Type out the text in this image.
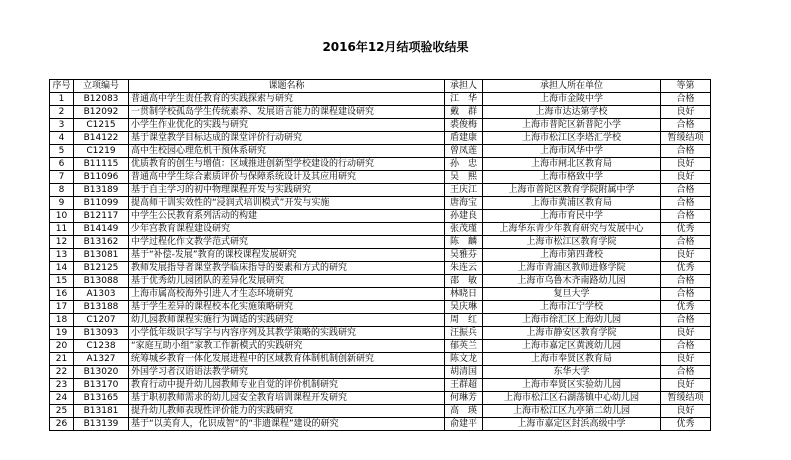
2016年12月结项验收结果
序号	立项编号	课题名称	承担人	承担人所在单位	等第
1	B12083	普通高中学生责任教育的实践探索与研究	江　华	上海市金陵中学	合格
2	B12092	一贯制学校孤岛学生传统素养、发展语言能力的课程建设研究	戴　群	上海市达达第学校	良好
3	C1215	小学生作业优化的实践与研究	裘俊梅	上海市普陀区新普陀小学	合格
4	B14122	基于课堂教学目标达成的课堂评价行动研究	盾建康	上海市松江区李塔汇学校	暂缓结项
5	C1219	高中生校园心理危机干预体系研究	曾凤莲	上海市风华中学	合格
6	B11115	优质教育的创生与增值：区域推进创新型学校建设的行动研究	孙　忠	上海市闸北区教育局	良好
7	B11096	普通高中学生综合素质评价与保障系统设计及其应用研究	吴　熙	上海市格致中学	良好
8	B13189	基于自主学习的初中物理课程开发与实践研究	王庆江	上海市普陀区教育学院附属中学	合格
9	B11099	提高师干训实效性的“浸润式培训模式”开发与实施	唐海宝	上海市黄浦区教育局	合格
10	B12117	中学生公民教育系列活动的构建	孙建良	上海市育民中学	合格
11	B14149	少年宫教育课程建设研究	张茂瑾	上海华东青少年教育研究与发展中心	优秀
12	B13162	中学过程化作文教学范式研究	陈　麟	上海市松江区教育学院	合格
13	B13081	基于“补偿-发展”教育的课校课程发展研究	吴雅芬	上海市第四聋校	良好
14	B12125	教师发展指导者课堂教学临床指导的要素和方式的研究	朱连云	上海市青浦区教师进修学院	优秀
15	B13088	基于优秀幼儿园团队的差异化发展研究	邵　敏	上海市乌鲁木齐南路幼儿园	合格
16	A1303	上海市属高校海外引进人才生态环境研究	林晓日	复旦大学	合格
17	B13188	基于学生差异的课程校本化实施策略研究	吴庆琳	上海市江宁学校	优秀
18	C1207	幼儿园教师课程实施行为调适的实践研究	周　红	上海市徐汇区上海幼儿园	合格
19	B13093	小学低年级识字写字与内容序列及其教学策略的实践研究	汪振兵	上海市静安区教育学院	良好
20	C1238	“家庭互助小组”家教工作新模式的实践研究	郁英兰	上海市嘉定区黄渡幼儿园	合格
21	A1327	统筹城乡教育一体化发展进程中的区域教育体制机制创新研究	陈文龙	上海市奉贤区教育局	良好
22	B13020	外国学习者汉语语法教学研究	胡清国	东华大学	合格
23	B13170	教育行动中提升幼儿园教师专业自觉的评价机制研究	王群超	上海市奉贤区实验幼儿园	良好
24	B13165	基于职初教师需求的幼儿园安全教育培训课程开发研究	何琳芳	上海市松江区石湖荡镇中心幼儿园	暂缓结项
25	B13181	提升幼儿教师表现性评价能力的实践研究	高　瑛	上海市松江区九亭第二幼儿园	良好
26	B13139	基于“以美育人，化识成智”的“非遗课程”建设的研究	俞建平	上海市嘉定区封浜高级中学	优秀
